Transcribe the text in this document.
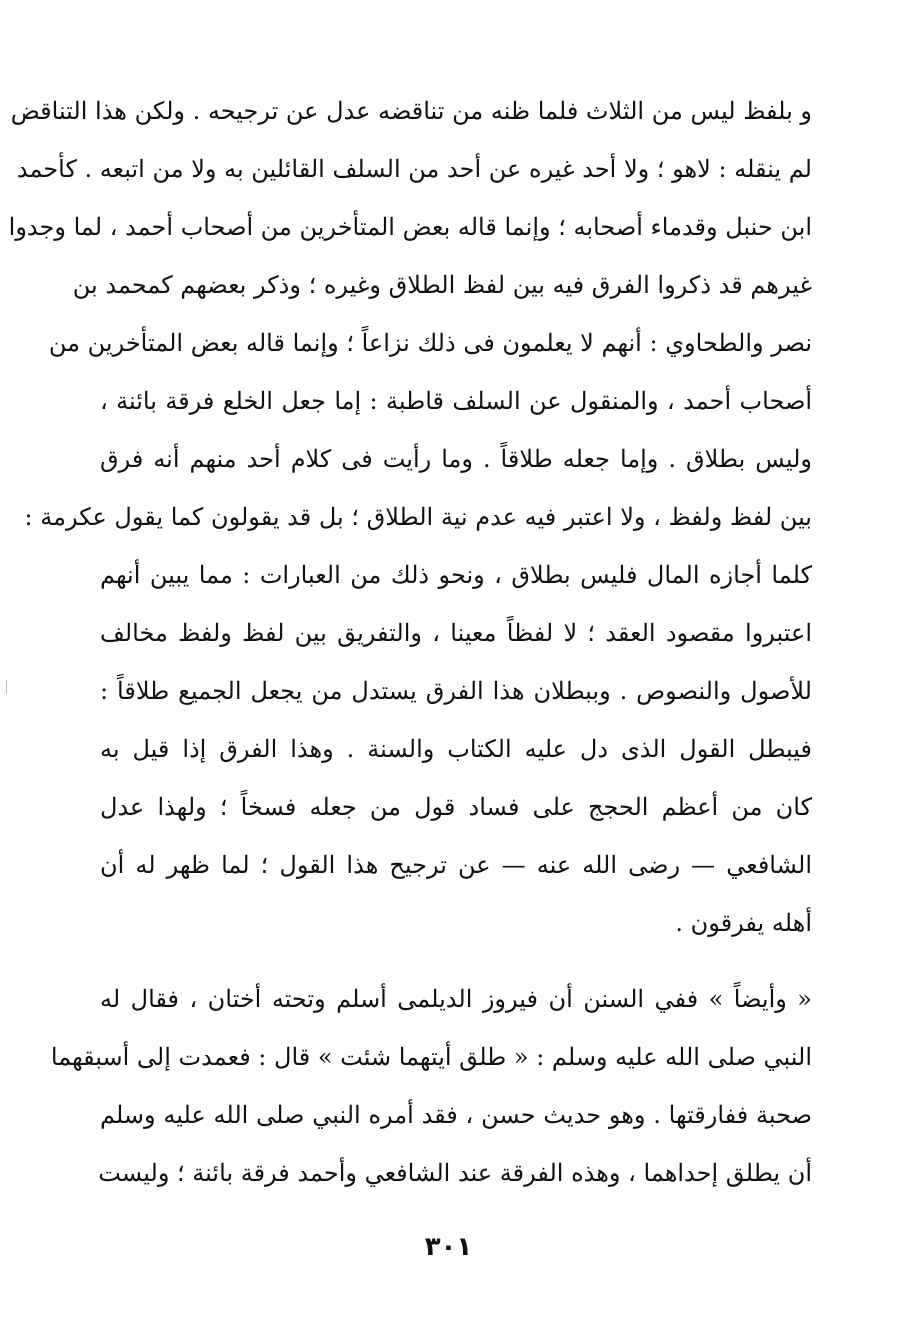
و بلفظ ليس من الثلاث فلما ظنه من تناقضه عدل عن ترجيحه . ولكن هذا التناقض
لم ينقله : لاهو ؛ ولا أحد غيره عن أحد من السلف القائلين به ولا من اتبعه . كأحمد
ابن حنبل وقدماء أصحابه ؛ وإنما قاله بعض المتأخرين من أصحاب أحمد ، لما وجدوا
غيرهم قد ذكروا الفرق فيه بين لفظ الطلاق وغيره ؛ وذكر بعضهم كمحمد بن
نصر والطحاوي : أنهم لا يعلمون فى ذلك نزاعاً ؛ وإنما قاله بعض المتأخرين من
أصحاب أحمد ، والمنقول عن السلف قاطبة : إما جعل الخلع فرقة بائنة ،
وليس بطلاق . وإما جعله طلاقاً . وما رأيت فى كلام أحد منهم أنه فرق
بين لفظ ولفظ ، ولا اعتبر فيه عدم نية الطلاق ؛ بل قد يقولون كما يقول عكرمة :
كلما أجازه المال فليس بطلاق ، ونحو ذلك من العبارات : مما يبين أنهم
اعتبروا مقصود العقد ؛ لا لفظاً معينا ، والتفريق بين لفظ ولفظ مخالف
للأصول والنصوص . وببطلان هذا الفرق يستدل من يجعل الجميع طلاقاً :
فيبطل القول الذى دل عليه الكتاب والسنة . وهذا الفرق إذا قيل به
كان من أعظم الحجج على فساد قول من جعله فسخاً ؛ ولهذا عدل
الشافعي — رضى الله عنه — عن ترجيح هذا القول ؛ لما ظهر له أن
أهله يفرقون .
« وأيضاً » ففي السنن أن فيروز الديلمى أسلم وتحته أختان ، فقال له
النبي صلى الله عليه وسلم : « طلق أيتهما شئت » قال : فعمدت إلى أسبقهما
صحبة ففارقتها . وهو حديث حسن ، فقد أمره النبي صلى الله عليه وسلم
أن يطلق إحداهما ، وهذه الفرقة عند الشافعي وأحمد فرقة بائنة ؛ وليست
٣٠١
